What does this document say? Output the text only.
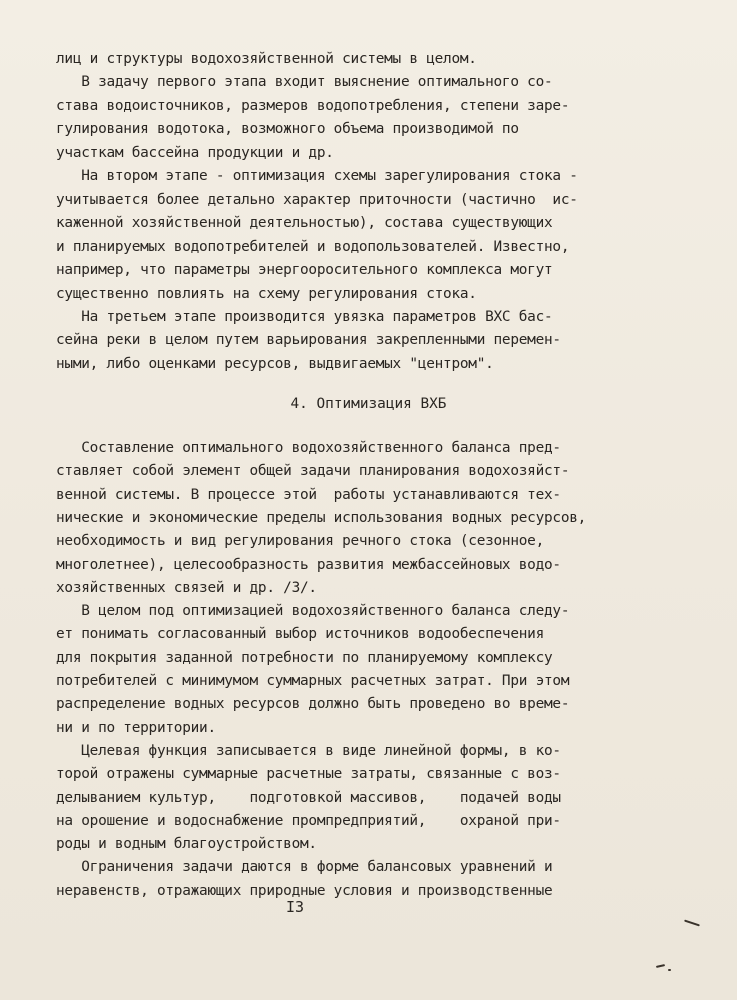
лиц и структуры водохозяйственной системы в целом.
В задачу первого этапа входит выяснение оптимального со-
става водоисточников, размеров водопотребления, степени заре-
гулирования водотока, возможного объема производимой по
участкам бассейна продукции и др.
На втором этапе - оптимизация схемы зарегулирования стока -
учитывается более детально характер приточности (частично  ис-
каженной хозяйственной деятельностью), состава существующих
и планируемых водопотребителей и водопользователей. Известно,
например, что параметры энергооросительного комплекса могут
существенно повлиять на схему регулирования стока.
На третьем этапе производится увязка параметров ВХС бас-
сейна реки в целом путем варьирования закрепленными перемен-
ными, либо оценками ресурсов, выдвигаемых "центром".
4. Оптимизация ВХБ
Составление оптимального водохозяйственного баланса пред-
ставляет собой элемент общей задачи планирования водохозяйст-
венной системы. В процессе этой  работы устанавливаются тех-
нические и экономические пределы использования водных ресурсов,
необходимость и вид регулирования речного стока (сезонное,
многолетнее), целесообразность развития межбассейновых водо-
хозяйственных связей и др. /3/.
В целом под оптимизацией водохозяйственного баланса следу-
ет понимать согласованный выбор источников водообеспечения
для покрытия заданной потребности по планируемому комплексу
потребителей с минимумом суммарных расчетных затрат. При этом
распределение водных ресурсов должно быть проведено во време-
ни и по территории.
Целевая функция записывается в виде линейной формы, в ко-
торой отражены суммарные расчетные затраты, связанные с воз-
делыванием культур,    подготовкой массивов,    подачей воды
на орошение и водоснабжение промпредприятий,    охраной при-
роды и водным благоустройством.
Ограничения задачи даются в форме балансовых уравнений и
неравенств, отражающих природные условия и производственные
I3
